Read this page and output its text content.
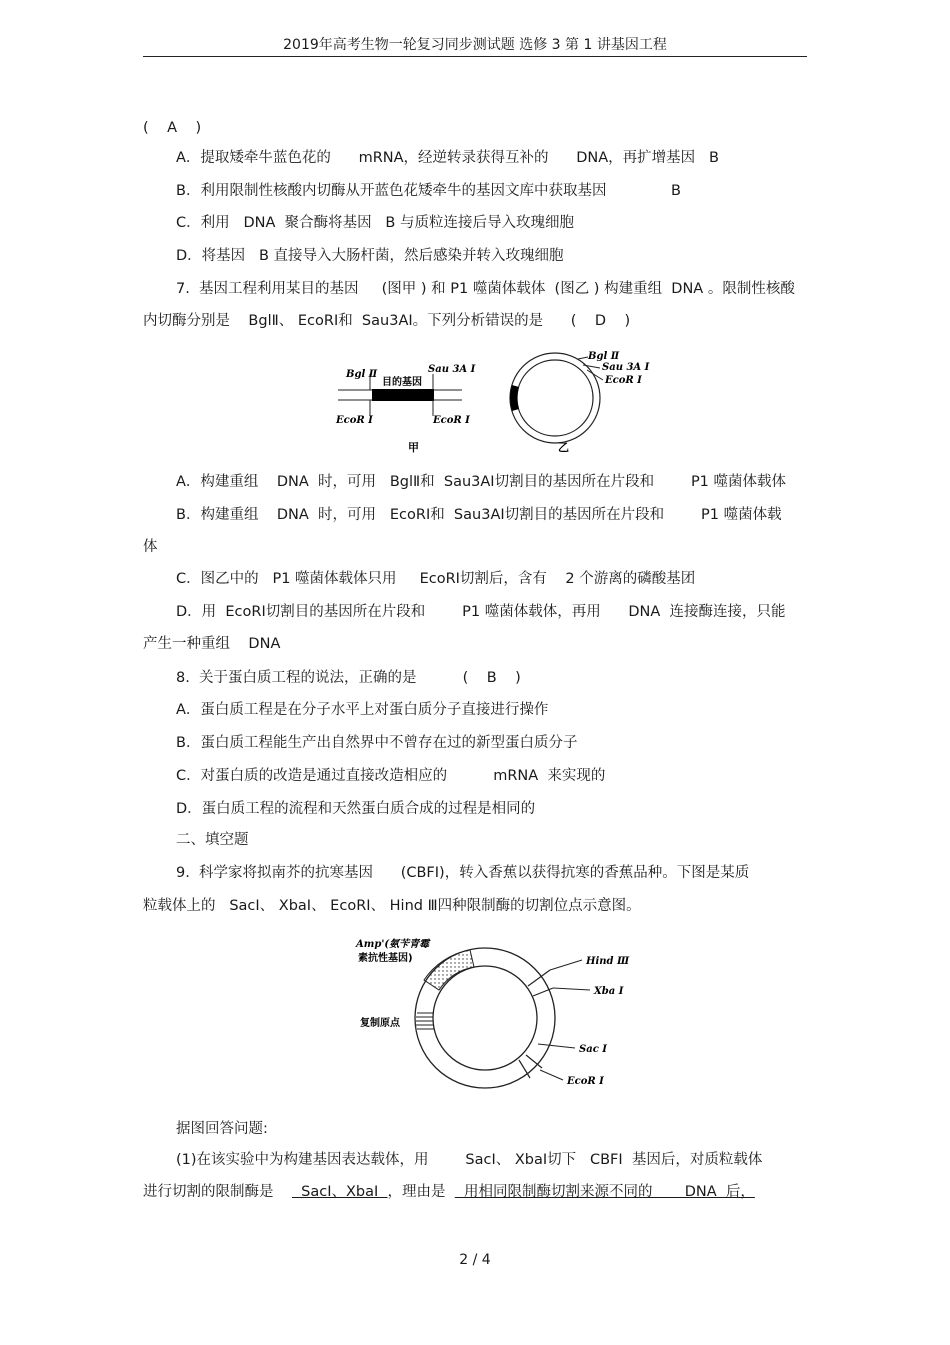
2019年高考生物一轮复习同步测试题 选修 3 第 1 讲基因工程
(    A    )
A．提取矮牵牛蓝色花的      mRNA，经逆转录获得互补的      DNA，再扩增基因   B
B．利用限制性核酸内切酶从开蓝色花矮牵牛的基因文库中获取基因              B
C．利用   DNA  聚合酶将基因   B 与质粒连接后导入玫瑰细胞
D．将基因   B 直接导入大肠杆菌，然后感染并转入玫瑰细胞
7.  基因工程利用某目的基因     (图甲 ) 和 P1 噬菌体载体  (图乙 ) 构建重组  DNA 。限制性核酸
内切酶分别是    BglⅡ、 EcoRⅠ和  Sau3AⅠ。下列分析错误的是      (    D    )
Bgl Ⅱ
目的基因
Sau 3A Ⅰ
EcoR Ⅰ	EcoR Ⅰ
甲
Bgl Ⅱ
Sau 3A Ⅰ
EcoR Ⅰ
乙
A．构建重组    DNA  时，可用   BglⅡ和  Sau3AⅠ切割目的基因所在片段和        P1 噬菌体载体
B．构建重组    DNA  时，可用   EcoRⅠ和  Sau3AⅠ切割目的基因所在片段和        P1 噬菌体载
体
C．图乙中的   P1 噬菌体载体只用     EcoRⅠ切割后，含有    2 个游离的磷酸基团
D．用  EcoRⅠ切割目的基因所在片段和        P1 噬菌体载体，再用      DNA  连接酶连接，只能
产生一种重组    DNA
8.  关于蛋白质工程的说法，正确的是          (    B    )
A．蛋白质工程是在分子水平上对蛋白质分子直接进行操作
B．蛋白质工程能生产出自然界中不曾存在过的新型蛋白质分子
C．对蛋白质的改造是通过直接改造相应的          mRNA  来实现的
D．蛋白质工程的流程和天然蛋白质合成的过程是相同的
二、填空题
9.  科学家将拟南芥的抗寒基因      (CBFI)，转入香蕉以获得抗寒的香蕉品种。下图是某质
粒载体上的   SacⅠ、 XbaⅠ、 EcoRⅠ、 Hind Ⅲ四种限制酶的切割位点示意图。
Amp'(氨苄青霉
素抗性基因)
复制原点
Hind Ⅲ
Xba Ⅰ
Sac Ⅰ
EcoR Ⅰ
据图回答问题:
(1)在该实验中为构建基因表达载体，用        SacⅠ、 XbaⅠ切下   CBFI  基因后，对质粒载体
进行切割的限制酶是      SacⅠ、XbaⅠ  ，理由是    用相同限制酶切割来源不同的       DNA  后，
2 / 4
